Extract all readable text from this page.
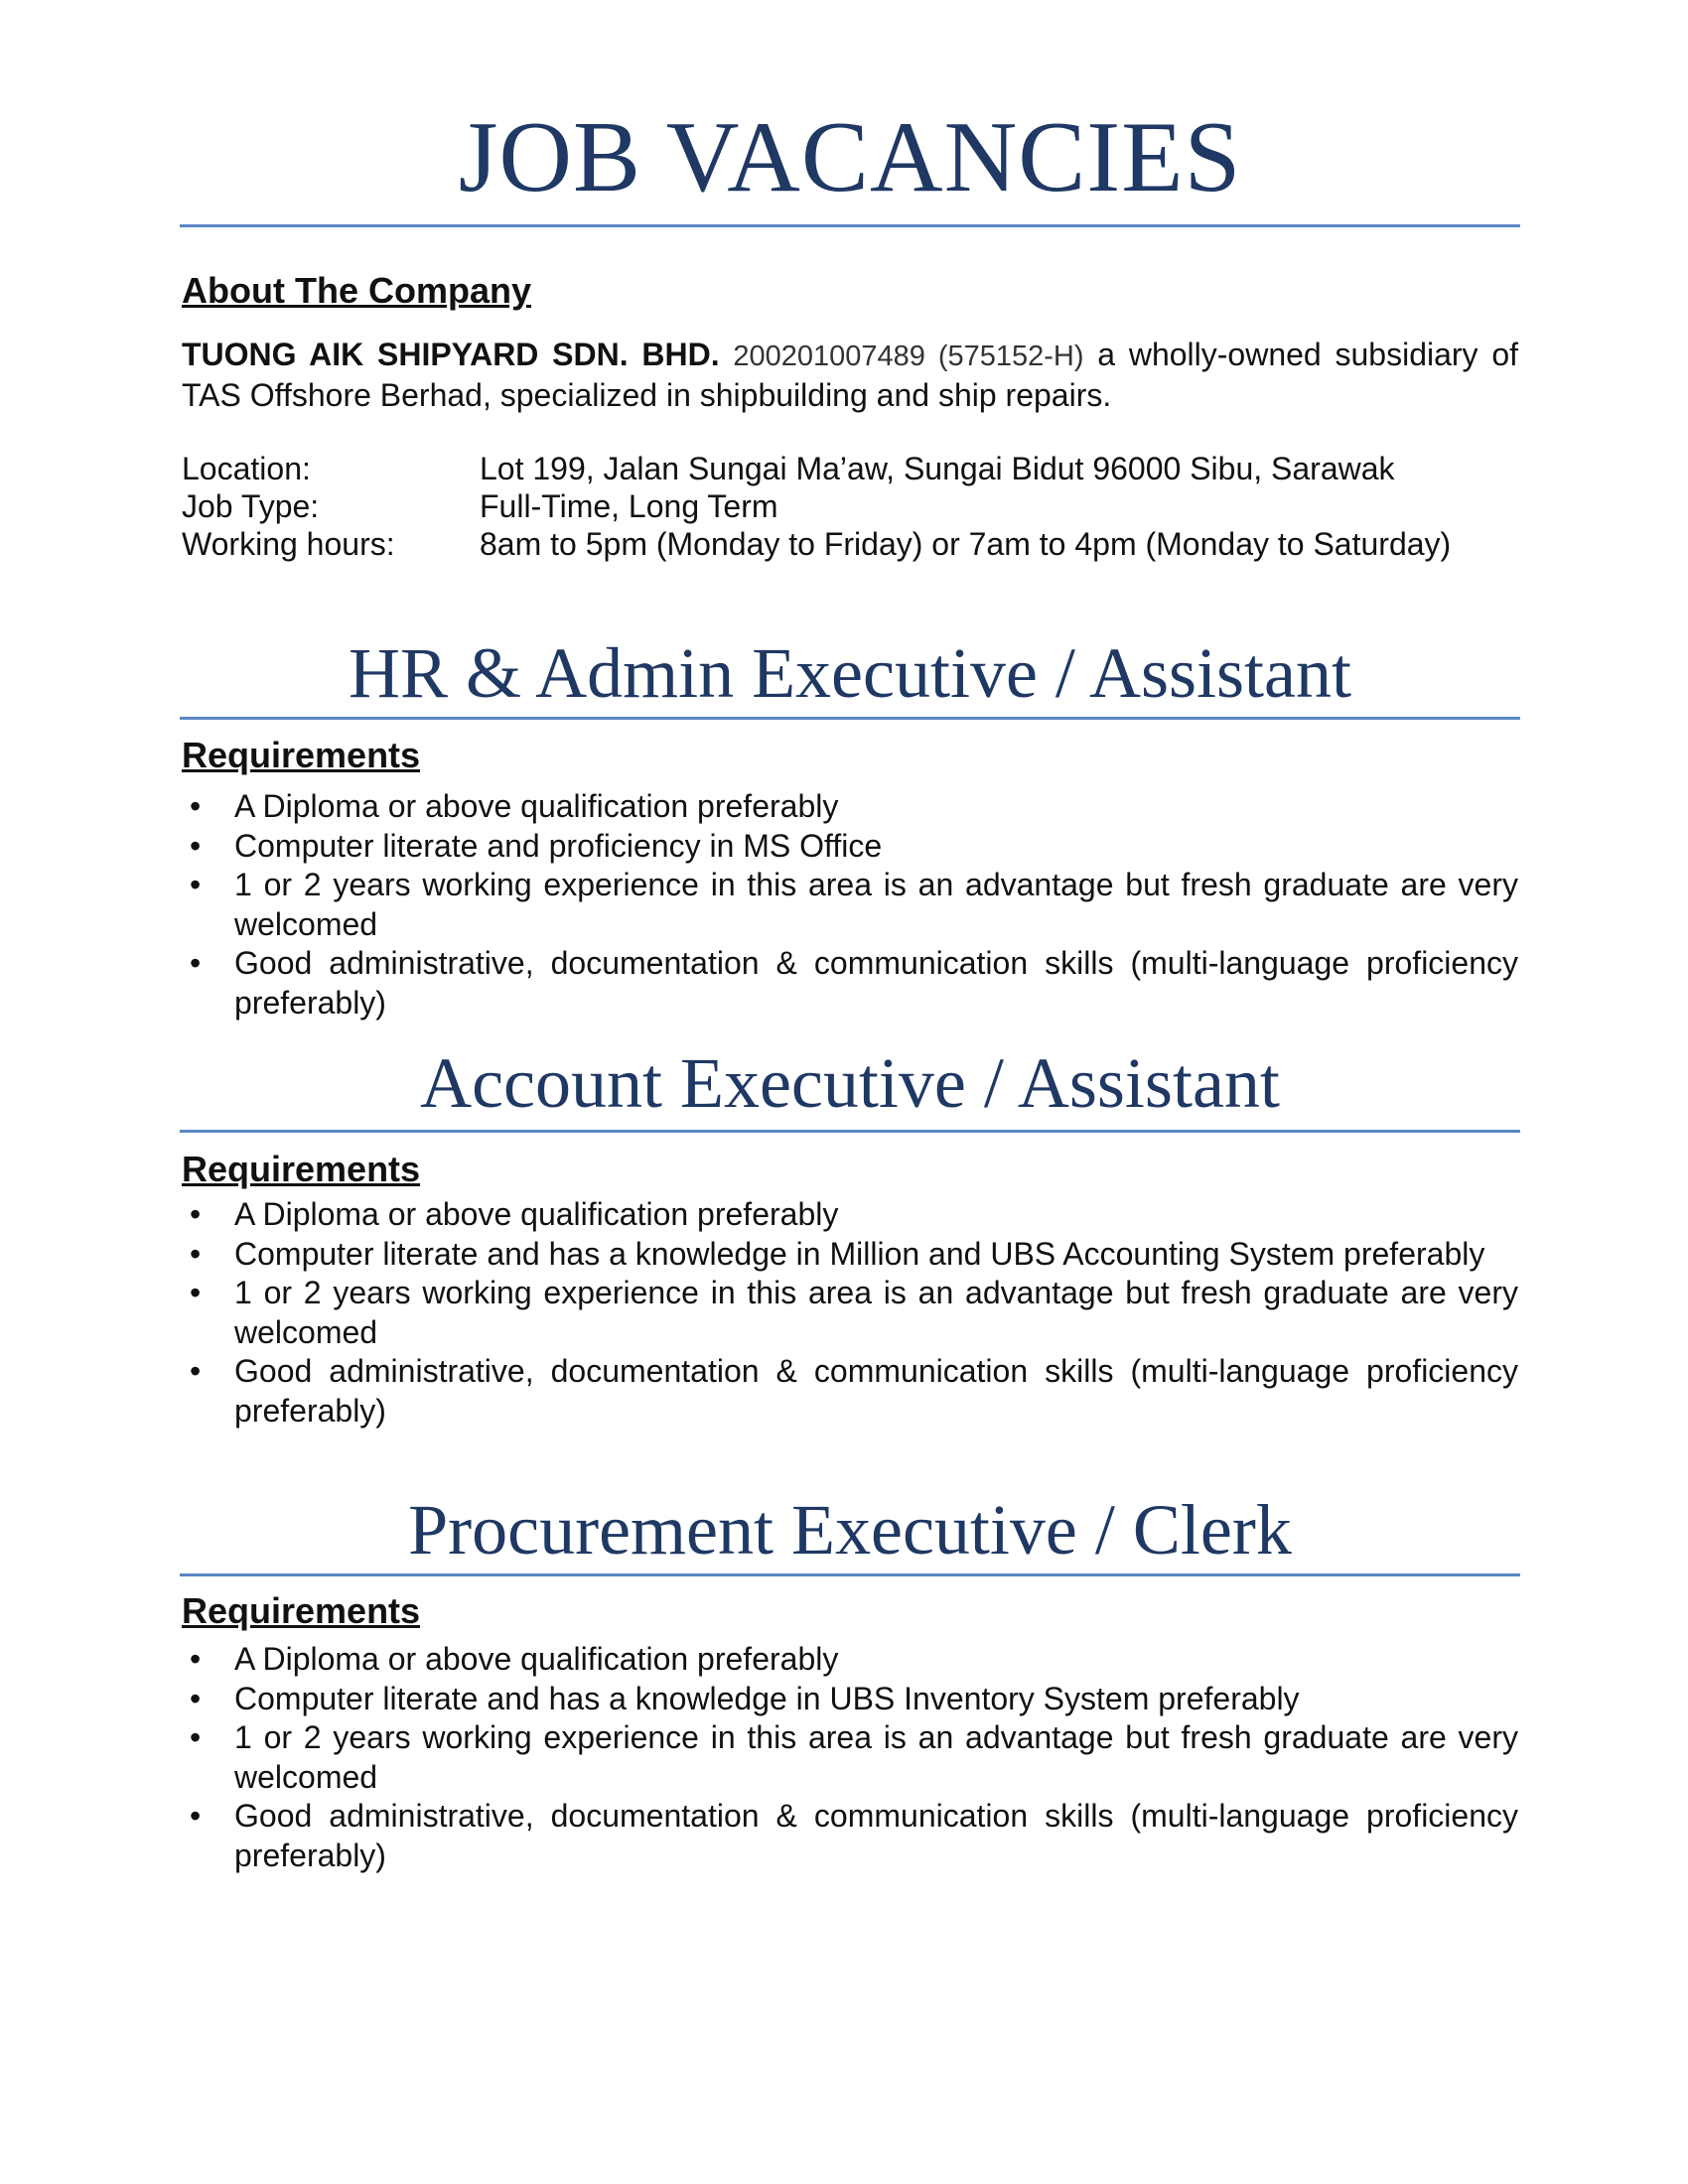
JOB VACANCIES
About The Company
TUONG AIK SHIPYARD SDN. BHD. 200201007489 (575152-H) a wholly-owned subsidiary of TAS Offshore Berhad, specialized in shipbuilding and ship repairs.
Location:	Lot 199, Jalan Sungai Ma’aw, Sungai Bidut 96000 Sibu, Sarawak
Job Type:	Full-Time, Long Term
Working hours:	8am to 5pm (Monday to Friday) or 7am to 4pm (Monday to Saturday)
HR & Admin Executive / Assistant
Requirements
• A Diploma or above qualification preferably
• Computer literate and proficiency in MS Office
• 1 or 2 years working experience in this area is an advantage but fresh graduate are very welcomed
• Good administrative, documentation & communication skills (multi-language proficiency preferably)
Account Executive / Assistant
Requirements
• A Diploma or above qualification preferably
• Computer literate and has a knowledge in Million and UBS Accounting System preferably
• 1 or 2 years working experience in this area is an advantage but fresh graduate are very welcomed
• Good administrative, documentation & communication skills (multi-language proficiency preferably)
Procurement Executive / Clerk
Requirements
• A Diploma or above qualification preferably
• Computer literate and has a knowledge in UBS Inventory System preferably
• 1 or 2 years working experience in this area is an advantage but fresh graduate are very welcomed
• Good administrative, documentation & communication skills (multi-language proficiency preferably)
